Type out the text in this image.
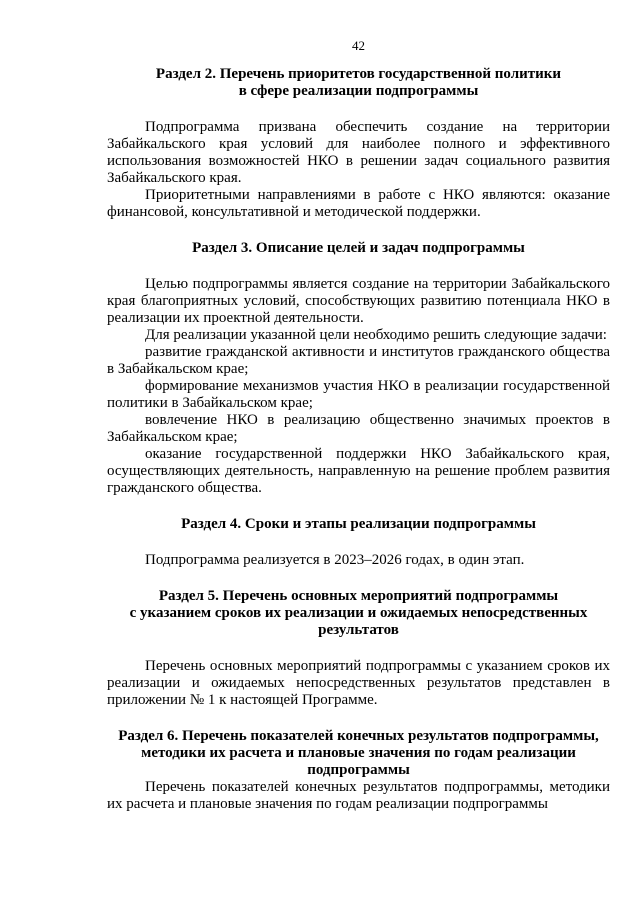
42
Раздел 2. Перечень приоритетов государственной политики
в сфере реализации подпрограммы

Подпрограмма призвана обеспечить создание на территории Забайкальского края условий для наиболее полного и эффективного использования возможностей НКО в решении задач социального развития Забайкальского края.

Приоритетными направлениями в работе с НКО являются: оказание финансовой, консультативной и методической поддержки.

Раздел 3. Описание целей и задач подпрограммы

Целью подпрограммы является создание на территории Забайкальского края благоприятных условий, способствующих развитию потенциала НКО в реализации их проектной деятельности.

Для реализации указанной цели необходимо решить следующие задачи:

развитие гражданской активности и институтов гражданского общества в Забайкальском крае;

формирование механизмов участия НКО в реализации государственной политики в Забайкальском крае;

вовлечение НКО в реализацию общественно значимых проектов в Забайкальском крае;

оказание государственной поддержки НКО Забайкальского края, осуществляющих деятельность, направленную на решение проблем развития гражданского общества.

Раздел 4. Сроки и этапы реализации подпрограммы

Подпрограмма реализуется в 2023–2026 годах, в один этап.

Раздел 5. Перечень основных мероприятий подпрограммы
с указанием сроков их реализации и ожидаемых непосредственных
результатов

Перечень основных мероприятий подпрограммы с указанием сроков их реализации и ожидаемых непосредственных результатов представлен в приложении № 1 к настоящей Программе.

Раздел 6. Перечень показателей конечных результатов подпрограммы,
методики их расчета и плановые значения по годам реализации
подпрограммы

Перечень показателей конечных результатов подпрограммы, методики их расчета и плановые значения по годам реализации подпрограммы
